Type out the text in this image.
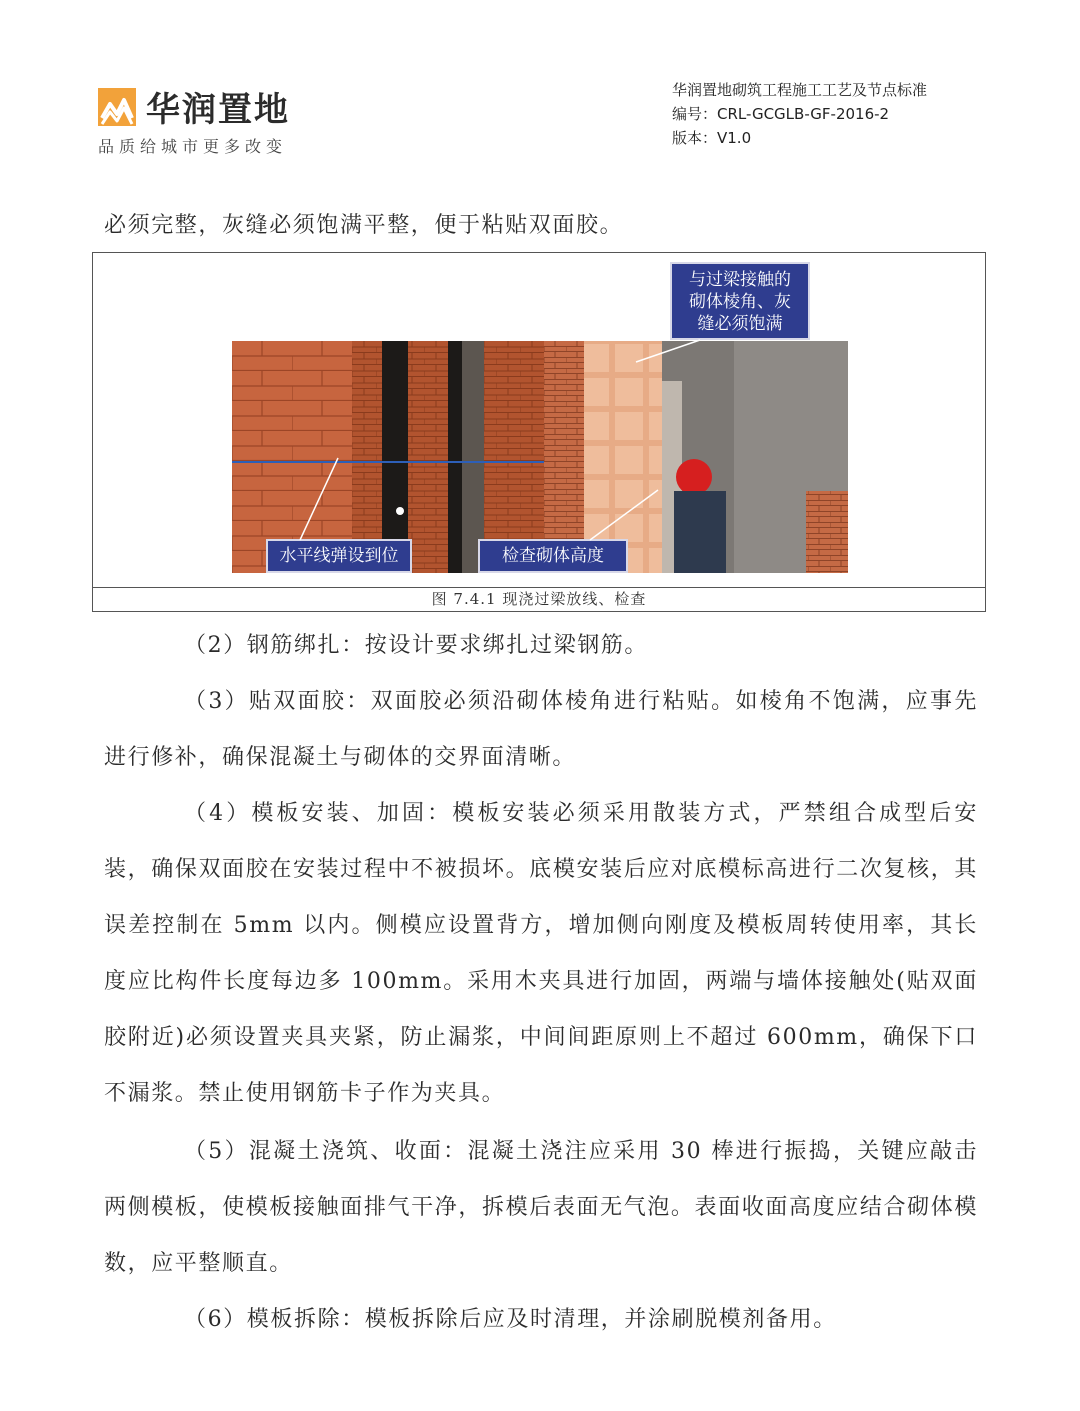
华润置地
品质给城市更多改变
华润置地砌筑工程施工工艺及节点标准
编号：CRL-GCGLB-GF-2016-2
版本：V1.0

必须完整，灰缝必须饱满平整，便于粘贴双面胶。

图 7.4.1 现浇过梁放线、检查
水平线弹设到位	检查砌体高度
与过梁接触的
砌体棱角、灰
缝必须饱满

（2）钢筋绑扎：按设计要求绑扎过梁钢筋。

（3）贴双面胶：双面胶必须沿砌体棱角进行粘贴。如棱角不饱满，应事先进行修补，确保混凝土与砌体的交界面清晰。

（4）模板安装、加固：模板安装必须采用散装方式，严禁组合成型后安装，确保双面胶在安装过程中不被损坏。底模安装后应对底模标高进行二次复核，其误差控制在 5mm 以内。侧模应设置背方，增加侧向刚度及模板周转使用率，其长度应比构件长度每边多 100mm。采用木夹具进行加固，两端与墙体接触处(贴双面胶附近)必须设置夹具夹紧，防止漏浆，中间间距原则上不超过 600mm，确保下口不漏浆。禁止使用钢筋卡子作为夹具。

（5）混凝土浇筑、收面：混凝土浇注应采用 30 棒进行振捣，关键应敲击两侧模板，使模板接触面排气干净，拆模后表面无气泡。表面收面高度应结合砌体模数，应平整顺直。

（6）模板拆除：模板拆除后应及时清理，并涂刷脱模剂备用。
